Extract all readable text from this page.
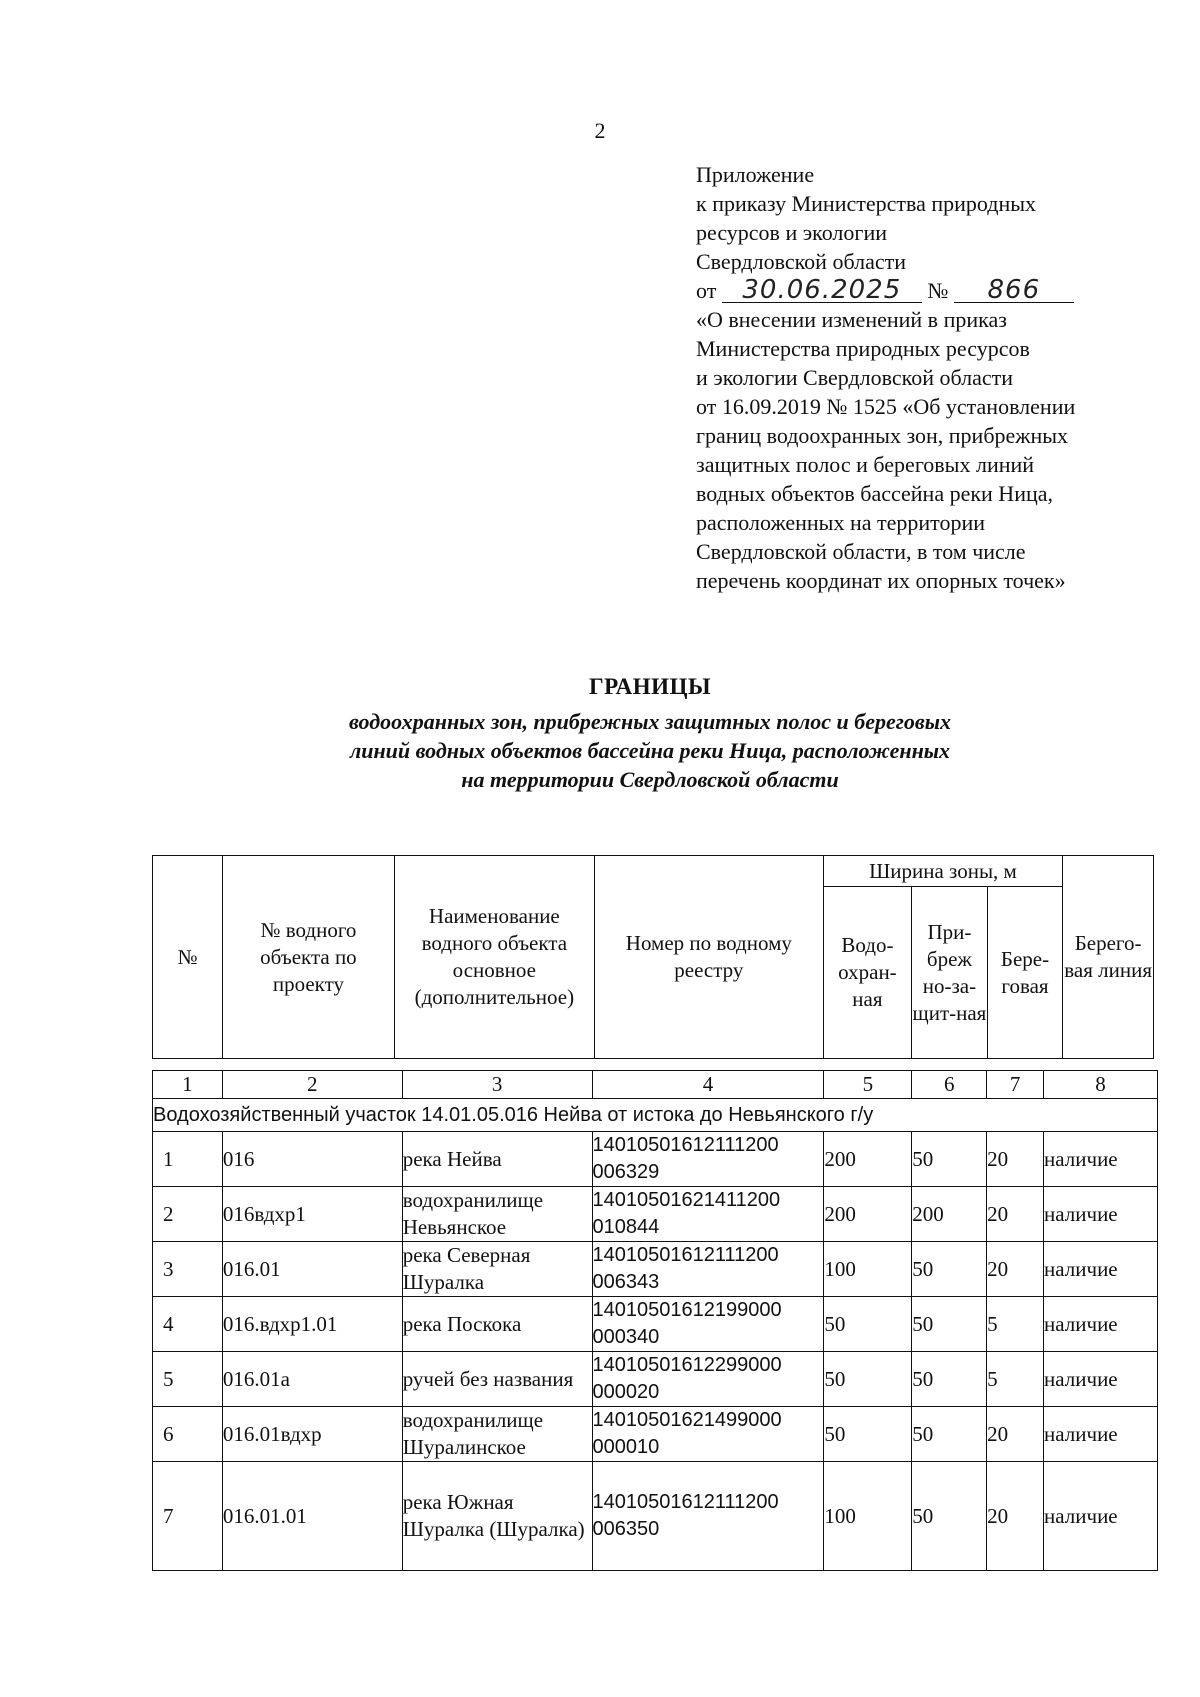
2
Приложение
к приказу Министерства природных
ресурсов и экологии
Свердловской области
от 30.06.2025 № 866
«О внесении изменений в приказ
Министерства природных ресурсов
и экологии Свердловской области
от 16.09.2019 № 1525 «Об установлении
границ водоохранных зон, прибрежных
защитных полос и береговых линий
водных объектов бассейна реки Ница,
расположенных на территории
Свердловской области, в том числе
перечень координат их опорных точек»
ГРАНИЦЫ
водоохранных зон, прибрежных защитных полос и береговых
линий водных объектов бассейна реки Ница, расположенных
на территории Свердловской области
№	№ водного объекта по проекту	Наименование водного объекта основное (дополнительное)	Номер по водному реестру	Ширина зоны, м			Берего-вая линия
				Водо-охран-ная	При-бреж но-за-щит-ная	Бере-говая	
1	2	3	4	5	6	7	8
Водохозяйственный участок 14.01.05.016 Нейва от истока до Невьянского г/у							
1	016	река Нейва	14010501612111200 006329	200	50	20	наличие
2	016вдхр1	водохранилище Невьянское	14010501621411200 010844	200	200	20	наличие
3	016.01	река Северная Шуралка	14010501612111200 006343	100	50	20	наличие
4	016.вдхр1.01	река Поскока	14010501612199000 000340	50	50	5	наличие
5	016.01а	ручей без названия	14010501612299000 000020	50	50	5	наличие
6	016.01вдхр	водохранилище Шуралинское	14010501621499000 000010	50	50	20	наличие
7	016.01.01	река Южная Шуралка (Шуралка)	14010501612111200 006350	100	50	20	наличие
